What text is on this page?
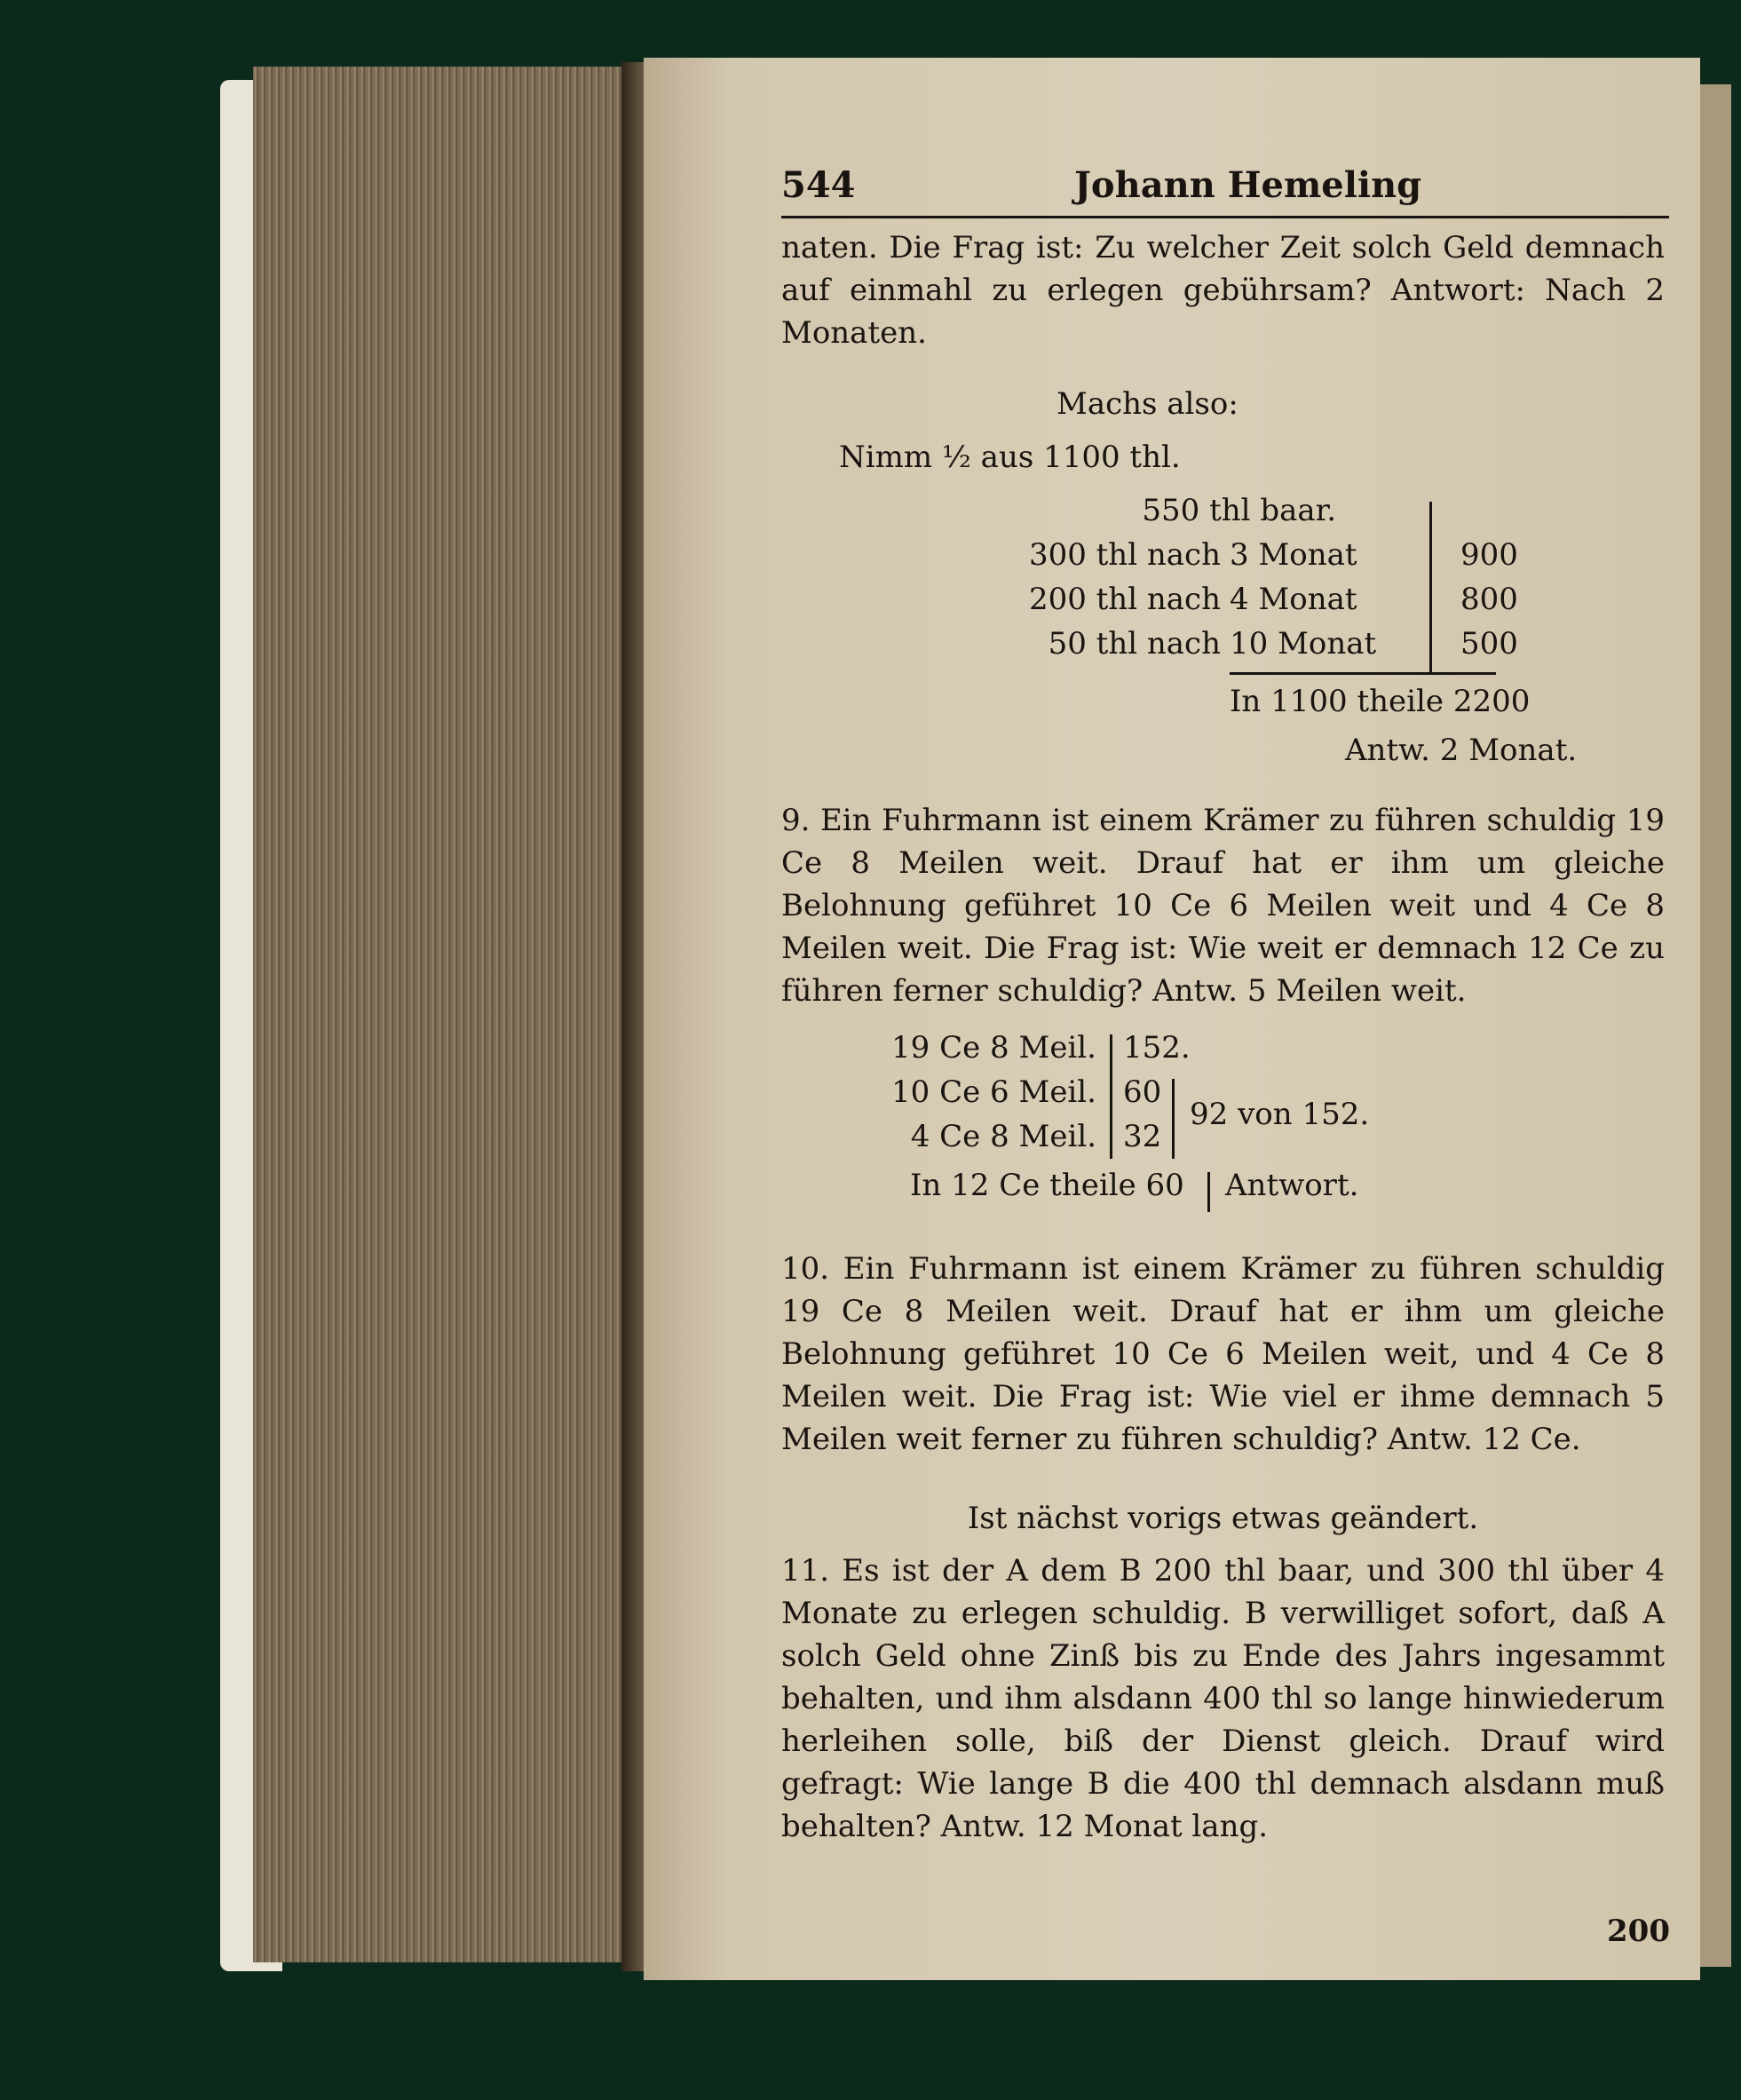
544	Johann Hemeling
naten. Die Frag ist: Zu welcher Zeit solch Geld demnach auf einmahl zu erlegen gebührsam? Antwort: Nach 2 Monaten.
Machs also:
Nimm ½ aus 1100 thl.
550 thl baar.
300 thl nach 3 Monat	900
200 thl nach 4 Monat	800
50 thl nach 10 Monat	500
In 1100 theile 2200
Antw. 2 Monat.
9. Ein Fuhrmann ist einem Krämer zu führen schuldig 19 Ce 8 Meilen weit. Drauf hat er ihm um gleiche Belohnung geführet 10 Ce 6 Meilen weit und 4 Ce 8 Meilen weit. Die Frag ist: Wie weit er demnach 12 Ce zu führen ferner schuldig? Antw. 5 Meilen weit.
19 Ce 8 Meil. 152.
10 Ce 6 Meil. 60
4 Ce 8 Meil. 32
92 von 152.
In 12 Ce theile 60 Antwort.
10. Ein Fuhrmann ist einem Krämer zu führen schuldig 19 Ce 8 Meilen weit. Drauf hat er ihm um gleiche Belohnung geführet 10 Ce 6 Meilen weit, und 4 Ce 8 Meilen weit. Die Frag ist: Wie viel er ihme demnach 5 Meilen weit ferner zu führen schuldig? Antw. 12 Ce.
Ist nächst vorigs etwas geändert.
11. Es ist der A dem B 200 thl baar, und 300 thl über 4 Monate zu erlegen schuldig. B verwilliget sofort, daß A solch Geld ohne Zinß bis zu Ende des Jahrs ingesammt behalten, und ihm alsdann 400 thl so lange hinwiederum herleihen solle, biß der Dienst gleich. Drauf wird gefragt: Wie lange B die 400 thl demnach alsdann muß behalten? Antw. 12 Monat lang.
200
